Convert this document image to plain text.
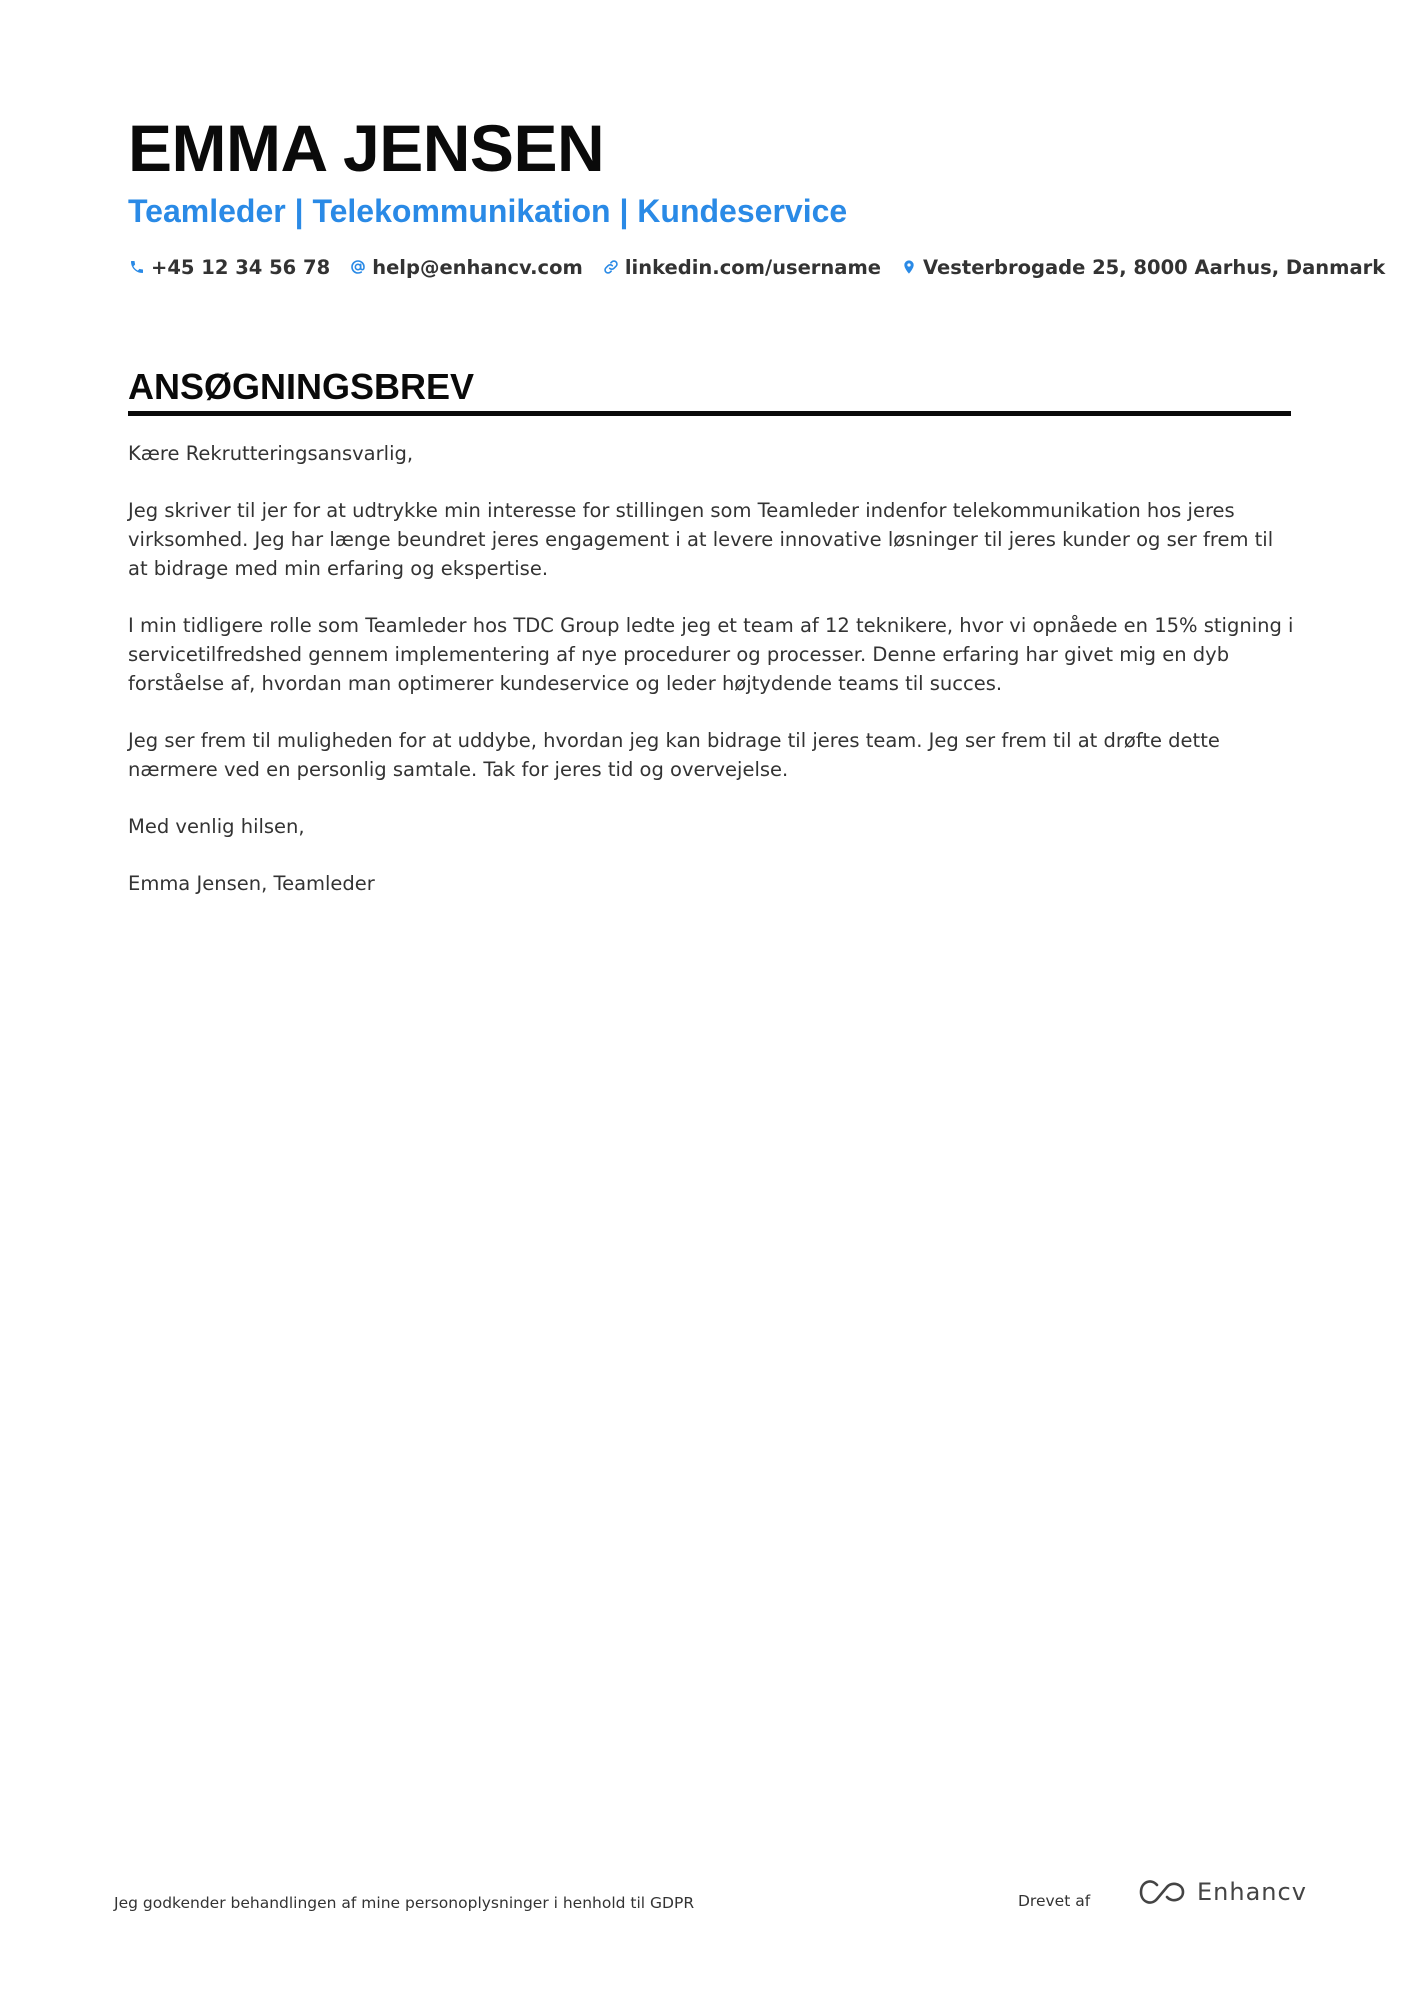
EMMA JENSEN
Teamleder | Telekommunikation | Kundeservice
+45 12 34 56 78 help@enhancv.com linkedin.com/username Vesterbrogade 25, 8000 Aarhus, Danmark
ANSØGNINGSBREV

Kære Rekrutteringsansvarlig,

Jeg skriver til jer for at udtrykke min interesse for stillingen som Teamleder indenfor telekommunikation hos jeres virksomhed. Jeg har længe beundret jeres engagement i at levere innovative løsninger til jeres kunder og ser frem til at bidrage med min erfaring og ekspertise.

I min tidligere rolle som Teamleder hos TDC Group ledte jeg et team af 12 teknikere, hvor vi opnåede en 15% stigning i servicetilfredshed gennem implementering af nye procedurer og processer. Denne erfaring har givet mig en dyb forståelse af, hvordan man optimerer kundeservice og leder højtydende teams til succes.

Jeg ser frem til muligheden for at uddybe, hvordan jeg kan bidrage til jeres team. Jeg ser frem til at drøfte dette nærmere ved en personlig samtale. Tak for jeres tid og overvejelse.

Med venlig hilsen,

Emma Jensen, Teamleder

Jeg godkender behandlingen af mine personoplysninger i henhold til GDPR	Drevet af	Enhancv
